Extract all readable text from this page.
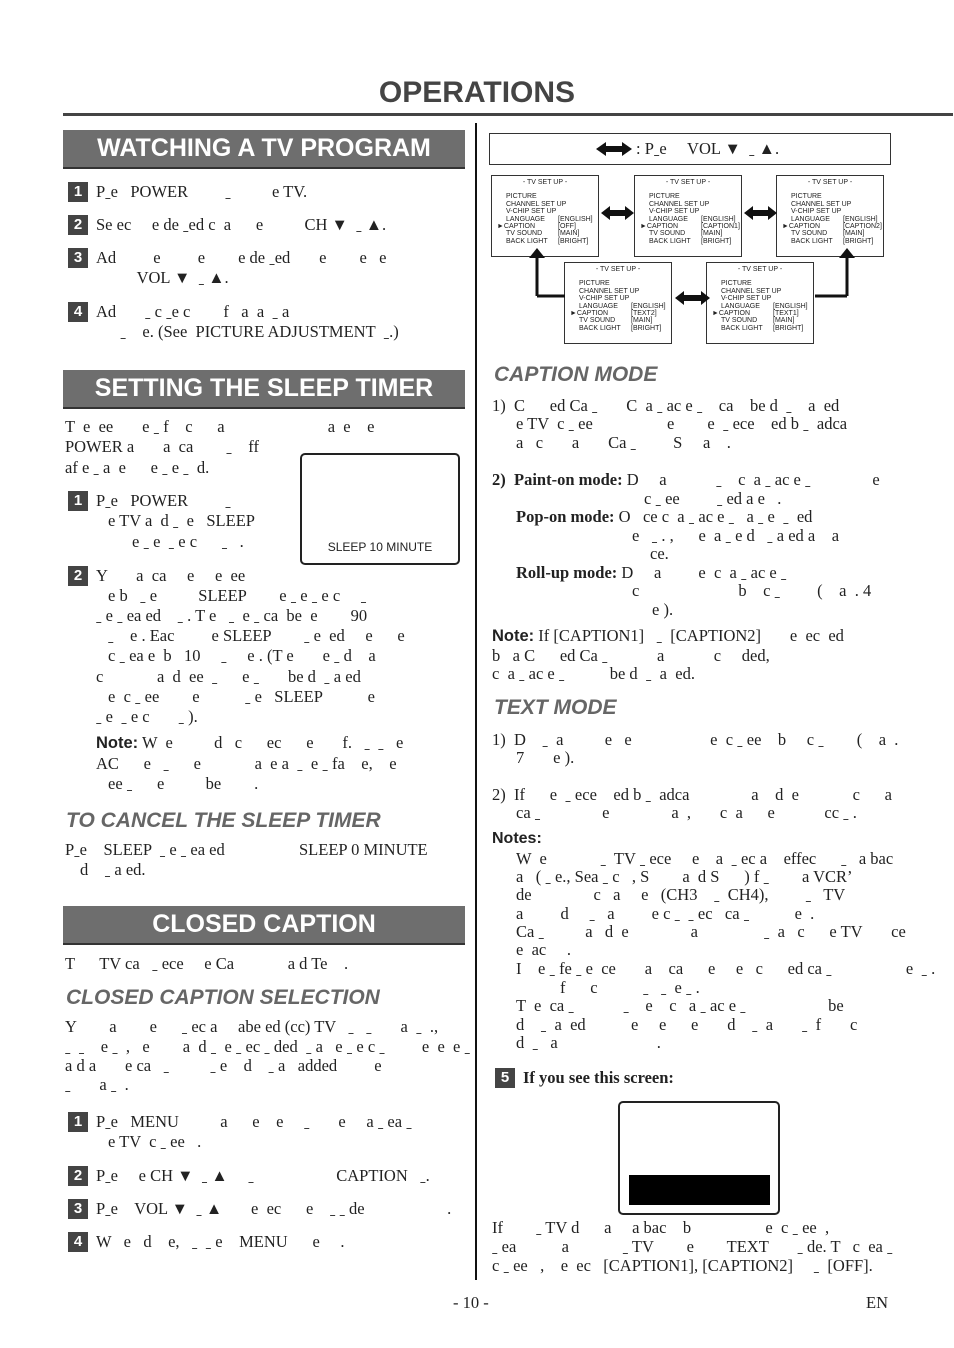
OPERATIONS
WATCHING A TV PROGRAM
1 Pˍe   POWER         ˍ          e TV.
2 Se ec     e de ˍed c  a      e          CH ▼  ˍ ▲.
3 Ad         e         e        e de ˍed       e        e   e
VOL ▼  ˍ ▲.
4 Ad       ˍ c ˍe c        f   a  a  ˍ a
ˍ    e. (See  PICTURE ADJUSTMENT  ˍ.)
SETTING THE SLEEP TIMER
T  e  ee       e ˍ f    c      a                         a  e    e
POWER a       a  ca        ˍ    ff
af e ˍ a  e      e ˍ e ˍ  d.
SLEEP 10 MINUTE
1 Pˍe   POWER         ˍ
e TV a  d ˍ  e   SLEEP
e ˍ e  ˍ e c      ˍ   .
2 Y       a  ca     e     e  ee
e b   ˍ e          SLEEP        e ˍ e ˍ e c     ˍ
ˍ e ˍ ea ed    ˍ . T e   ˍ  e ˍ ca  be  e        90
ˍ    e . Eac         e SLEEP        ˍ e  ed     e      e
c ˍ ea e  b   10     ˍ     e . (T e       e ˍ d    a
c             a  d  ee  ˍ      e ˍ       be d  ˍ a ed
e  c ˍ ee        e           ˍ e   SLEEP           e
ˍ e  ˍ e c       ˍ ).
Note: W  e          d   c      ec      e       f.   ˍ  ˍ   e
AC      e   ˍ      e             a  e a  ˍ  e ˍ fa    e,    e
ee ˍ      e          be        .
TO CANCEL THE SLEEP TIMER
Pˍe    SLEEP  ˍ e ˍ ea ed                  SLEEP 0 MINUTE
d    ˍ a ed.
CLOSED CAPTION
T      TV ca   ˍ ece     e Ca             a d Te    .
CLOSED CAPTION SELECTION
Y        a        e      ˍ ec a     abe ed (cc) TV   ˍ   ˍ       a  ˍ  .,
ˍ  ˍ    e ˍ  ,   e        a  d ˍ  e ˍ ec ˍ ded  ˍ a   e ˍ e c ˍ         e  e  e ˍ
a d a       e ca   ˍ          ˍ e    d    ˍ a   added         e
ˍ       a ˍ  .
1 Pˍe   MENU          a      e    e     ˍ       e     a ˍ ea ˍ
e TV  c ˍ ee   .
2 Pˍe     e CH ▼  ˍ ▲     ˍ                    CAPTION   ˍ.
3 Pˍe    VOL ▼  ˍ ▲       e  ec      e    ˍ ˍ de                    .
4 W   e   d    e,   ˍ  ˍ e    MENU      e     .
: Pˍe     VOL ▼  ˍ ▲.
- TV SET UP -
PICTURE
CHANNEL SET UP
V-CHIP SET UP
LANGUAGE [ENGLISH]
►CAPTION	[OFF]
TV SOUND [MAIN]
BACK LIGHT [BRIGHT]
- TV SET UP -
PICTURE
CHANNEL SET UP
V-CHIP SET UP
LANGUAGE [ENGLISH]
►CAPTION	[CAPTION1]
TV SOUND [MAIN]
BACK LIGHT [BRIGHT]
- TV SET UP -
PICTURE
CHANNEL SET UP
V-CHIP SET UP
LANGUAGE [ENGLISH]
►CAPTION	[CAPTION2]
TV SOUND [MAIN]
BACK LIGHT [BRIGHT]
- TV SET UP -
PICTURE
CHANNEL SET UP
V-CHIP SET UP
LANGUAGE [ENGLISH]
►CAPTION	[TEXT2]
TV SOUND [MAIN]
BACK LIGHT [BRIGHT]
- TV SET UP -
PICTURE
CHANNEL SET UP
V-CHIP SET UP
LANGUAGE [ENGLISH]
►CAPTION	[TEXT1]
TV SOUND [MAIN]
BACK LIGHT [BRIGHT]
CAPTION MODE
1)  C      ed Ca ˍ       C  a ˍ ac e ˍ    ca    be d  ˍ    a  ed
e TV  c ˍ ee                  e        e  ˍ ece    ed b ˍ  adca
a   c       a       Ca ˍ         S     a    .
2)  Paint-on mode: D     a            ˍ    c  a ˍ ac e ˍ               e
c ˍ ee         ˍ ed a e   .
Pop-on mode: O   ce c  a ˍ ac e ˍ   a ˍ e  ˍ  ed
e   ˍ . ,      e  a ˍ e d   ˍ a ed a    a
ce.
Roll-up mode: D     a         e  c  a ˍ ac e ˍ
c                        b    c ˍ         (    a  . 4
e ).
Note: If [CAPTION1]   ˍ  [CAPTION2]       e  ec  ed
b   a C      ed Ca ˍ            a            c     ded,
c  a ˍ ac e ˍ           be d  ˍ  a  ed.
TEXT MODE
1)  D    ˍ  a          e   e                   e  c ˍ ee    b     c ˍ        (    a  .
7       e ).
2)  If      e  ˍ ece    ed b ˍ  adca               a    d  e             c      a
ca ˍ               e               a  ,       c  a      e            cc ˍ .
Notes:
W  e             ˍ  TV ˍ ece     e    a  ˍ ec a    effec      ˍ   a bac
a   ( ˍ e., Sea ˍ c   , S        a  d S      ) f ˍ        a VCR’
de               c   a     e   (CH3    ˍ  CH4),         ˍ   TV
a         d     ˍ   a         e c ˍ  ˍ ec   ca ˍ           e  .
Ca ˍ          a   d  e               a                ˍ  a   c      e TV       ce
e  ac     .
I    e ˍ fe ˍ e  ce       a    ca      e     e   c      ed ca ˍ                  e  ˍ .
f      c           ˍ   ˍ  e ˍ .
T  e  ca ˍ            ˍ    e    c   a ˍ ac e ˍ                    be
d    ˍ  a  ed           e     e      e       d    ˍ  a       ˍ  f       c
d  ˍ   a                        .
5 If you see this screen:
If        ˍ TV d      a     a bac    b                  e  c ˍ ee  ,
ˍ ea           a             ˍ TV        e        TEXT       ˍ de. T   c  ea ˍ
c ˍ ee   ,    e  ec   [CAPTION1], [CAPTION2]     ˍ  [OFF].
- 10 -	EN
